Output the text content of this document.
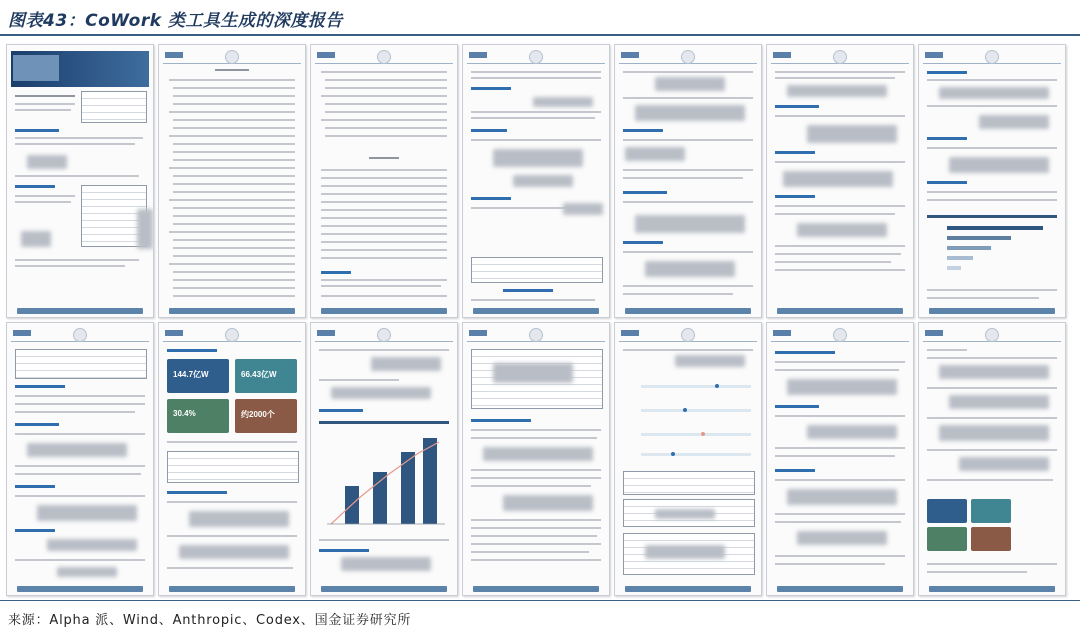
图表43：CoWork 类工具生成的深度报告
144.7亿W	66.43亿W
30.4%	约2000个
来源：Alpha 派、Wind、Anthropic、Codex、国金证券研究所
